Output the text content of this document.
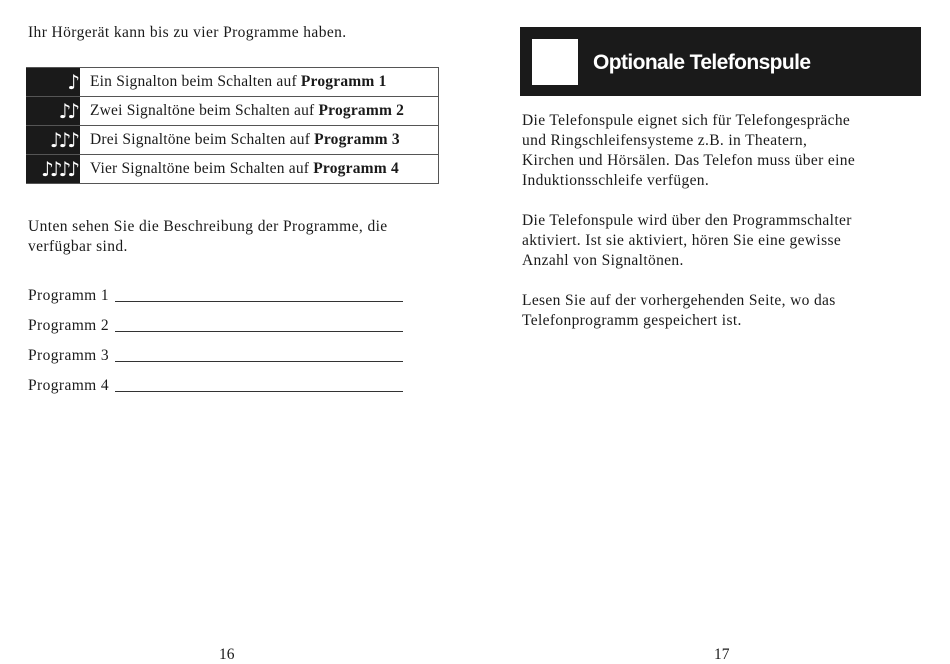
Ihr Hörgerät kann bis zu vier Programme haben.

♪	Ein Signalton beim Schalten auf Programm 1
♪♪	Zwei Signaltöne beim Schalten auf Programm 2
♪♪♪	Drei Signaltöne beim Schalten auf Programm 3
♪♪♪♪	Vier Signaltöne beim Schalten auf Programm 4

Unten sehen Sie die Beschreibung der Programme, die verfügbar sind.

Programm 1
Programm 2
Programm 3
Programm 4
16
Optionale Telefonspule

Die Telefonspule eignet sich für Telefongespräche
und Ringschleifensysteme z.B. in Theatern,
Kirchen und Hörsälen. Das Telefon muss über eine
Induktionsschleife verfügen.

Die Telefonspule wird über den Programmschalter
aktiviert. Ist sie aktiviert, hören Sie eine gewisse
Anzahl von Signaltönen.

Lesen Sie auf der vorhergehenden Seite, wo das
Telefonprogramm gespeichert ist.

17
